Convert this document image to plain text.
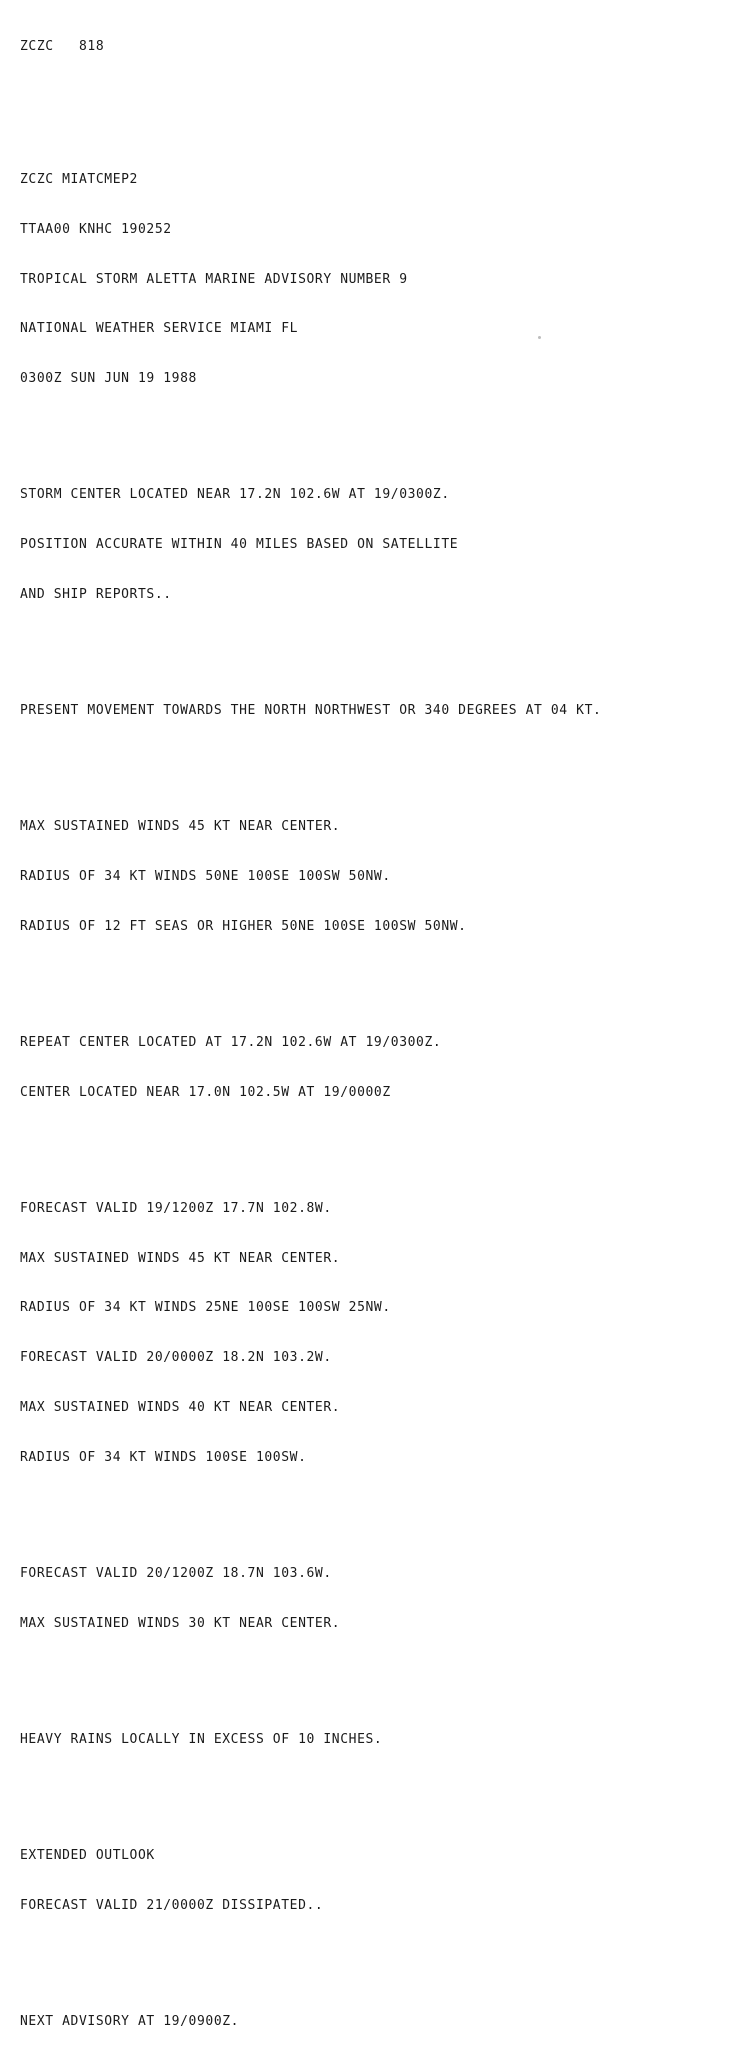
ZCZC   818

ZCZC MIATCMEP2

TTAA00 KNHC 190252

TROPICAL STORM ALETTA MARINE ADVISORY NUMBER 9

NATIONAL WEATHER SERVICE MIAMI FL

0300Z SUN JUN 19 1988

STORM CENTER LOCATED NEAR 17.2N 102.6W AT 19/0300Z.

POSITION ACCURATE WITHIN 40 MILES BASED ON SATELLITE

AND SHIP REPORTS..

PRESENT MOVEMENT TOWARDS THE NORTH NORTHWEST OR 340 DEGREES AT 04 KT.

MAX SUSTAINED WINDS 45 KT NEAR CENTER.

RADIUS OF 34 KT WINDS 50NE 100SE 100SW 50NW.

RADIUS OF 12 FT SEAS OR HIGHER 50NE 100SE 100SW 50NW.

REPEAT CENTER LOCATED AT 17.2N 102.6W AT 19/0300Z.

CENTER LOCATED NEAR 17.0N 102.5W AT 19/0000Z

FORECAST VALID 19/1200Z 17.7N 102.8W.

MAX SUSTAINED WINDS 45 KT NEAR CENTER.

RADIUS OF 34 KT WINDS 25NE 100SE 100SW 25NW.

FORECAST VALID 20/0000Z 18.2N 103.2W.

MAX SUSTAINED WINDS 40 KT NEAR CENTER.

RADIUS OF 34 KT WINDS 100SE 100SW.

FORECAST VALID 20/1200Z 18.7N 103.6W.

MAX SUSTAINED WINDS 30 KT NEAR CENTER.

HEAVY RAINS LOCALLY IN EXCESS OF 10 INCHES.

EXTENDED OUTLOOK

FORECAST VALID 21/0000Z DISSIPATED..

NEXT ADVISORY AT 19/0900Z.
